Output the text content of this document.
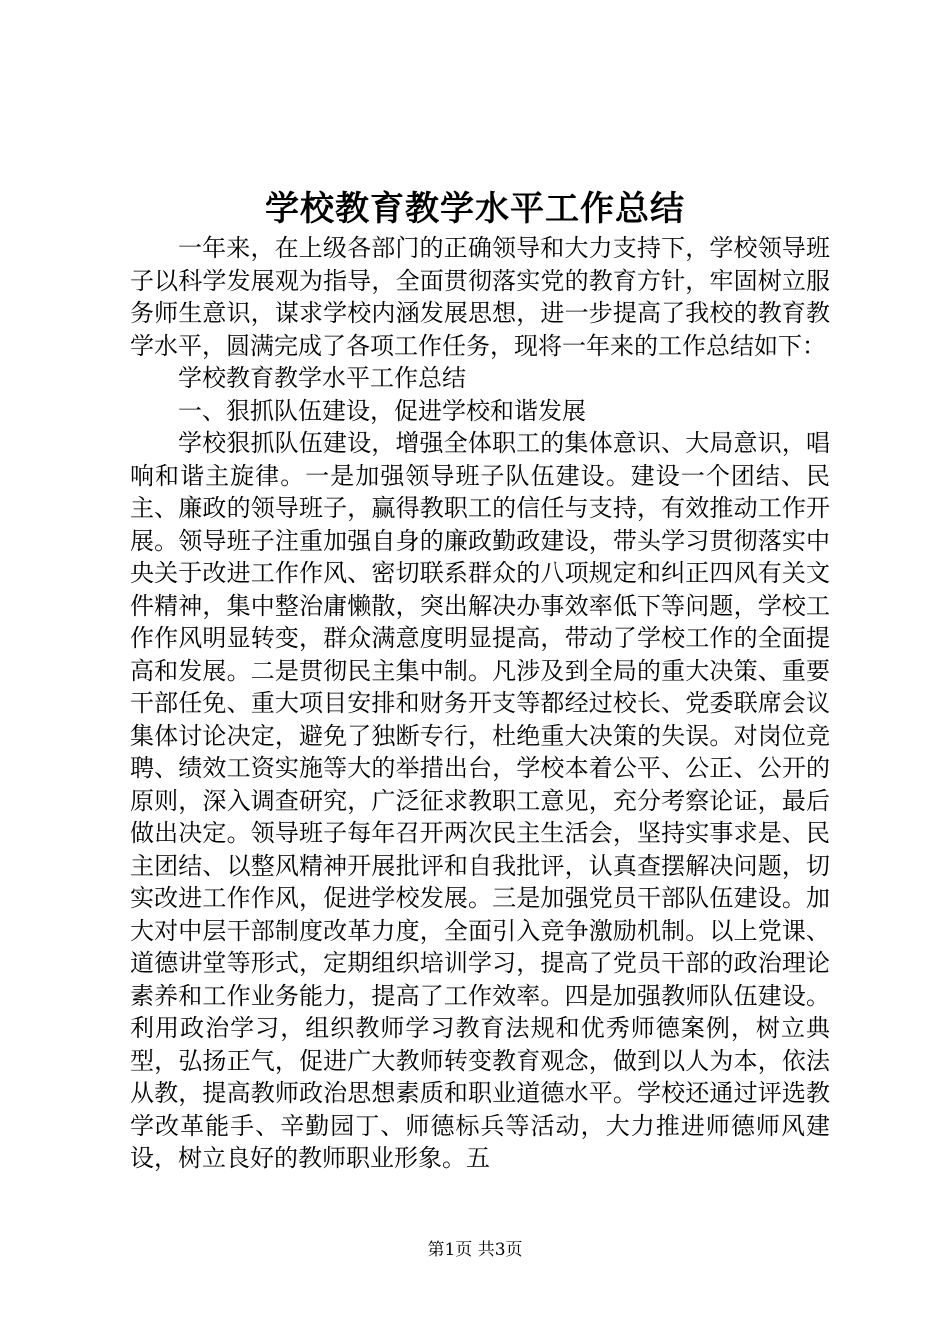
学校教育教学水平工作总结

一年来，在上级各部门的正确领导和大力支持下，学校领导班子以科学发展观为指导，全面贯彻落实党的教育方针，牢固树立服务师生意识，谋求学校内涵发展思想，进一步提高了我校的教育教学水平，圆满完成了各项工作任务，现将一年来的工作总结如下：

学校教育教学水平工作总结

一、狠抓队伍建设，促进学校和谐发展

学校狠抓队伍建设，增强全体职工的集体意识、大局意识，唱响和谐主旋律。一是加强领导班子队伍建设。建设一个团结、民主、廉政的领导班子，赢得教职工的信任与支持，有效推动工作开展。领导班子注重加强自身的廉政勤政建设，带头学习贯彻落实中央关于改进工作作风、密切联系群众的八项规定和纠正四风有关文件精神，集中整治庸懒散，突出解决办事效率低下等问题，学校工作作风明显转变，群众满意度明显提高，带动了学校工作的全面提高和发展。二是贯彻民主集中制。凡涉及到全局的重大决策、重要干部任免、重大项目安排和财务开支等都经过校长、党委联席会议集体讨论决定，避免了独断专行，杜绝重大决策的失误。对岗位竞聘、绩效工资实施等大的举措出台，学校本着公平、公正、公开的原则，深入调查研究，广泛征求教职工意见，充分考察论证，最后做出决定。领导班子每年召开两次民主生活会，坚持实事求是、民主团结、以整风精神开展批评和自我批评，认真查摆解决问题，切实改进工作作风，促进学校发展。三是加强党员干部队伍建设。加大对中层干部制度改革力度，全面引入竞争激励机制。以上党课、道德讲堂等形式，定期组织培训学习，提高了党员干部的政治理论素养和工作业务能力，提高了工作效率。四是加强教师队伍建设。利用政治学习，组织教师学习教育法规和优秀师德案例，树立典型，弘扬正气，促进广大教师转变教育观念，做到以人为本，依法从教，提高教师政治思想素质和职业道德水平。学校还通过评选教学改革能手、辛勤园丁、师德标兵等活动，大力推进师德师风建设，树立良好的教师职业形象。五

第1页 共3页
